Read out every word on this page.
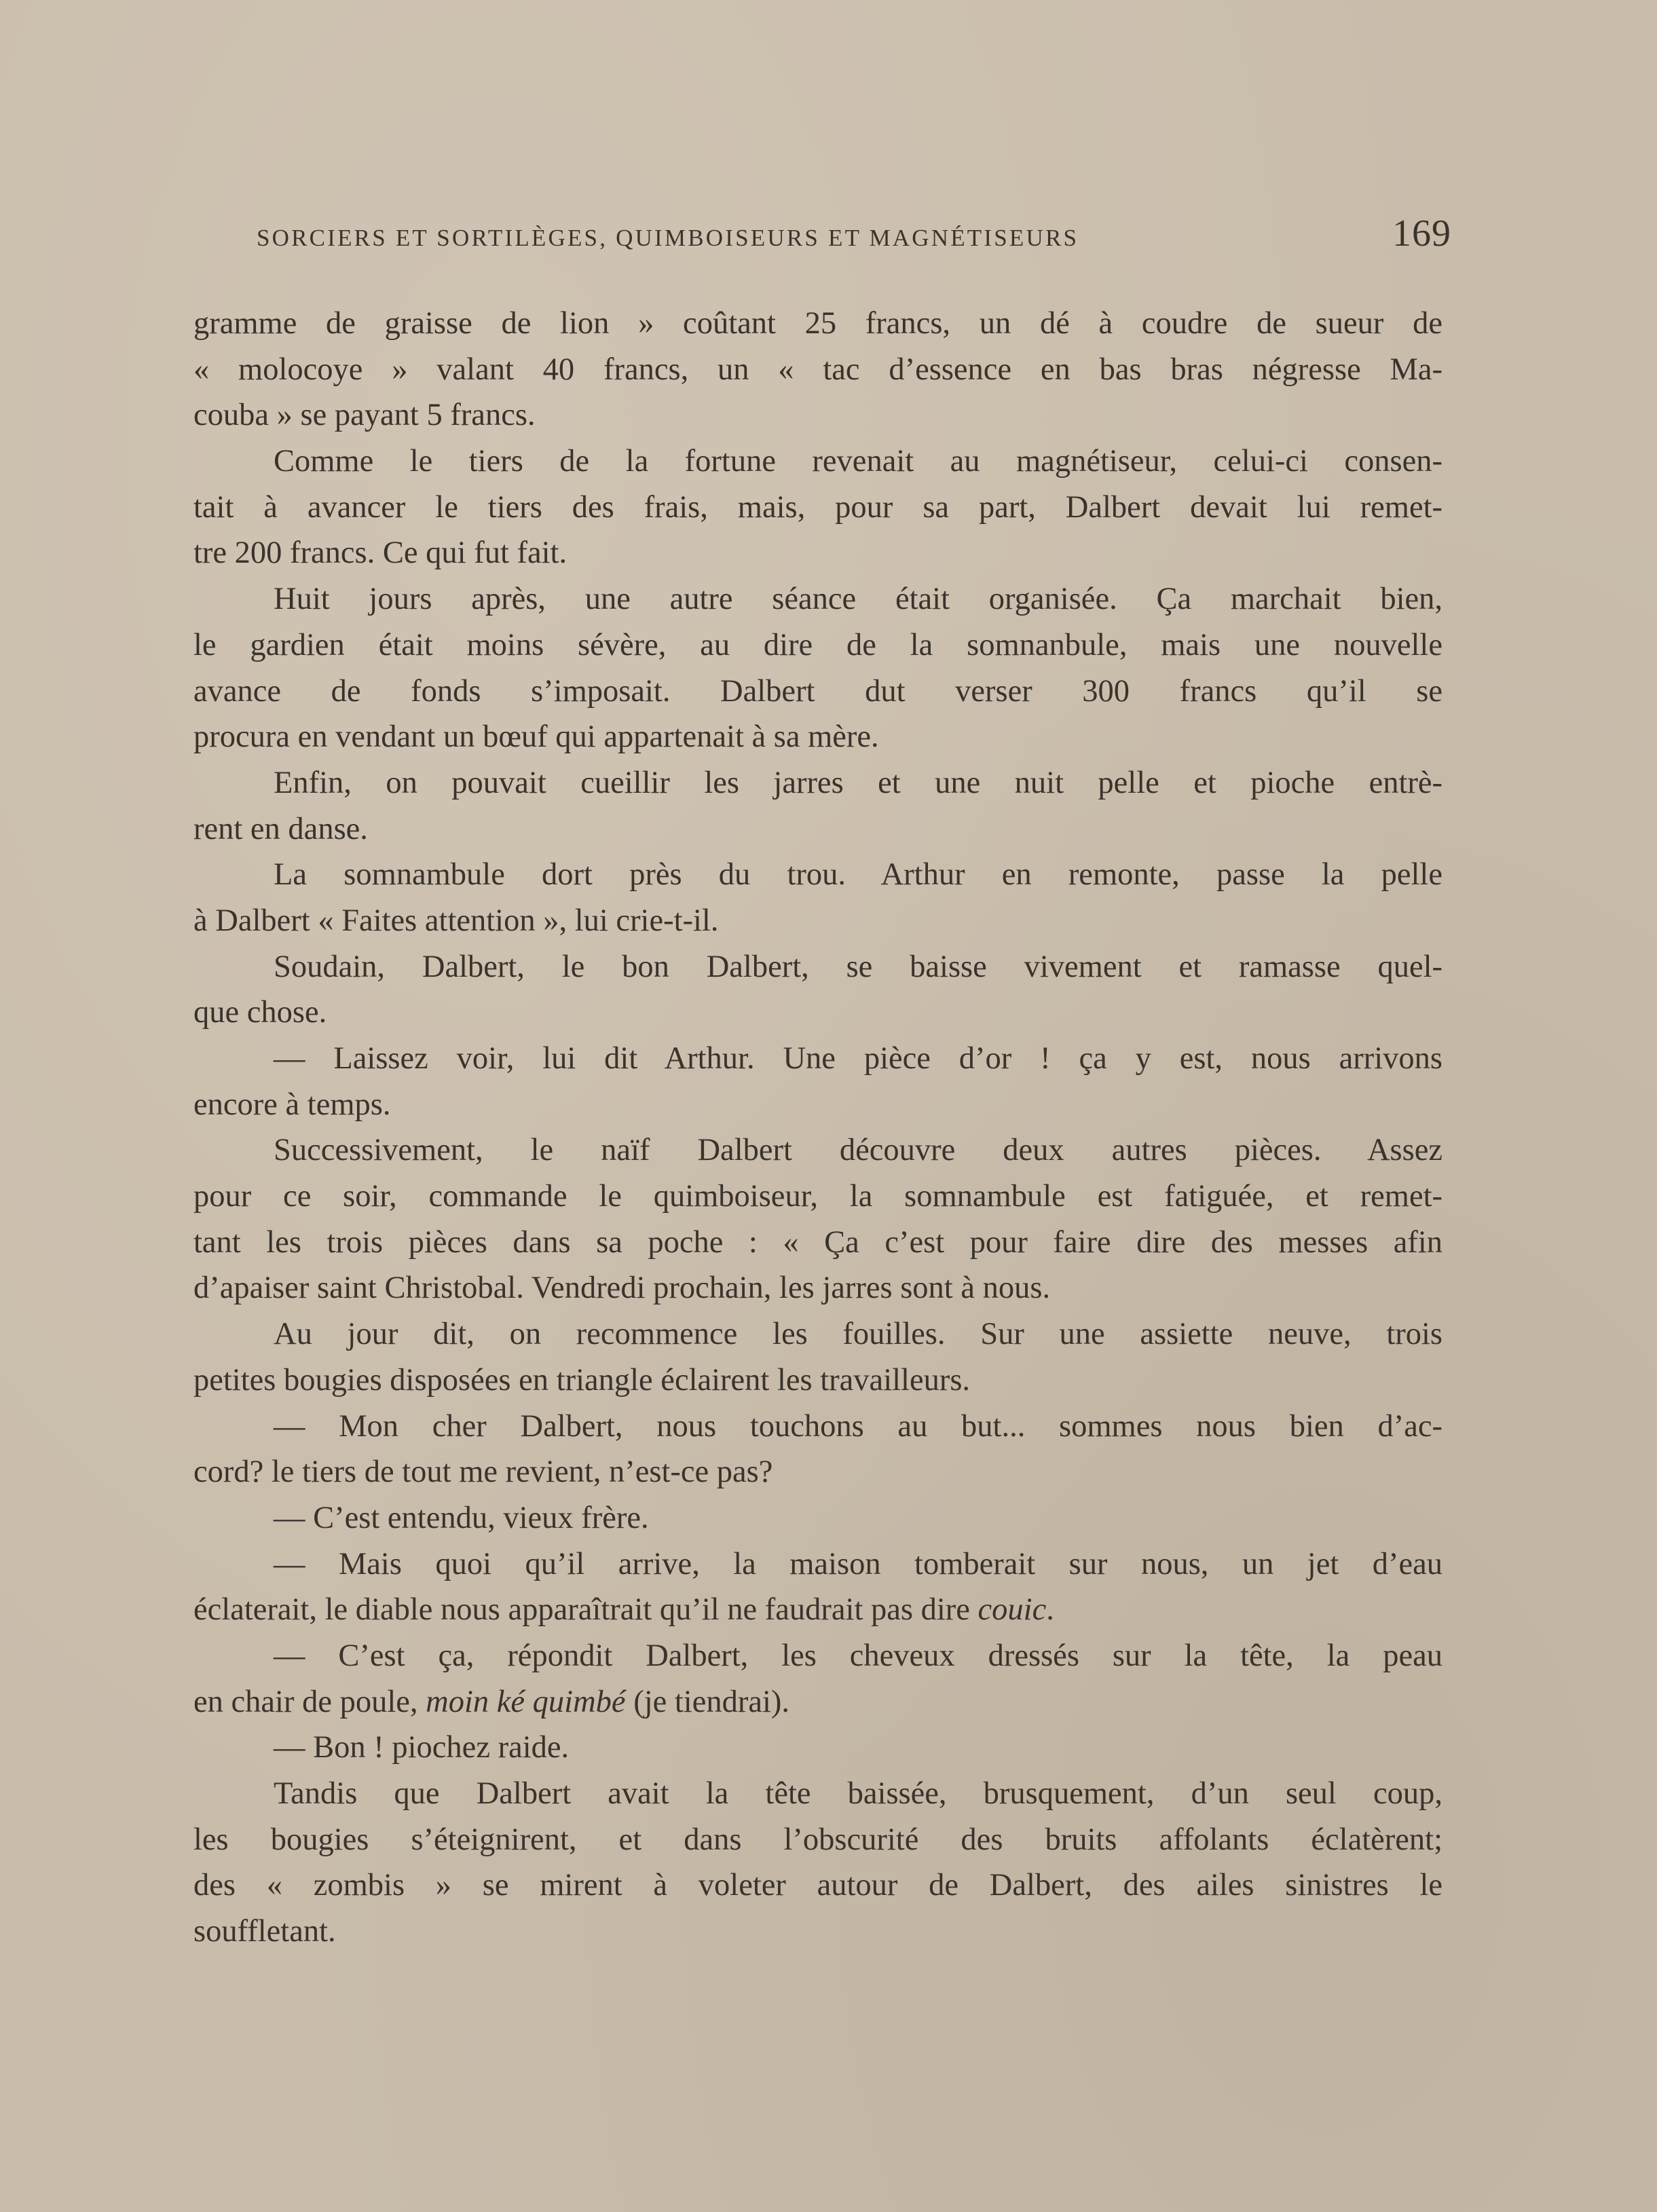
SORCIERS ET SORTILÈGES, QUIMBOISEURS ET MAGNÉTISEURS	169
gramme de graisse de lion » coûtant 25 francs, un dé à coudre de sueur de
« molocoye » valant 40 francs, un « tac d’essence en bas bras négresse Ma-
couba » se payant 5 francs.
Comme le tiers de la fortune revenait au magnétiseur, celui-ci consen-
tait à avancer le tiers des frais, mais, pour sa part, Dalbert devait lui remet-
tre 200 francs. Ce qui fut fait.
Huit jours après, une autre séance était organisée. Ça marchait bien,
le gardien était moins sévère, au dire de la somnanbule, mais une nouvelle
avance de fonds s’imposait. Dalbert dut verser 300 francs qu’il se
procura en vendant un bœuf qui appartenait à sa mère.
Enfin, on pouvait cueillir les jarres et une nuit pelle et pioche entrè-
rent en danse.
La somnambule dort près du trou. Arthur en remonte, passe la pelle
à Dalbert « Faites attention », lui crie-t-il.
Soudain, Dalbert, le bon Dalbert, se baisse vivement et ramasse quel-
que chose.
— Laissez voir, lui dit Arthur. Une pièce d’or ! ça y est, nous arrivons
encore à temps.
Successivement, le naïf Dalbert découvre deux autres pièces. Assez
pour ce soir, commande le quimboiseur, la somnambule est fatiguée, et remet-
tant les trois pièces dans sa poche : « Ça c’est pour faire dire des messes afin
d’apaiser saint Christobal. Vendredi prochain, les jarres sont à nous.
Au jour dit, on recommence les fouilles. Sur une assiette neuve, trois
petites bougies disposées en triangle éclairent les travailleurs.
— Mon cher Dalbert, nous touchons au but... sommes nous bien d’ac-
cord? le tiers de tout me revient, n’est-ce pas?
— C’est entendu, vieux frère.
— Mais quoi qu’il arrive, la maison tomberait sur nous, un jet d’eau
éclaterait, le diable nous apparaîtrait qu’il ne faudrait pas dire couic.
— C’est ça, répondit Dalbert, les cheveux dressés sur la tête, la peau
en chair de poule, moin ké quimbé (je tiendrai).
— Bon ! piochez raide.
Tandis que Dalbert avait la tête baissée, brusquement, d’un seul coup,
les bougies s’éteignirent, et dans l’obscurité des bruits affolants éclatèrent;
des « zombis » se mirent à voleter autour de Dalbert, des ailes sinistres le
souffletant.
